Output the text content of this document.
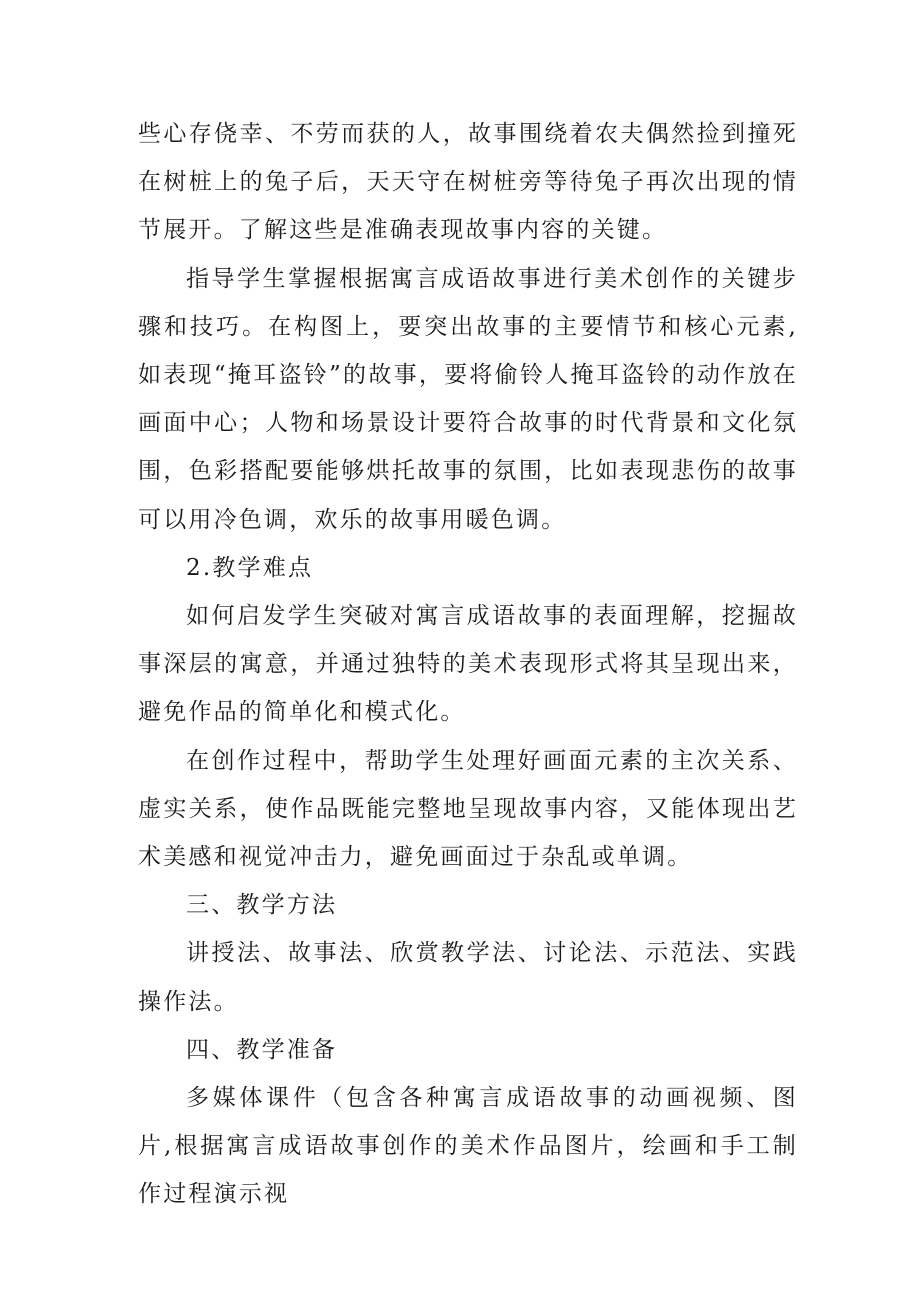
些心存侥幸、不劳而获的人，故事围绕着农夫偶然捡到撞死在树桩上的兔子后，天天守在树桩旁等待兔子再次出现的情节展开。了解这些是准确表现故事内容的关键。

指导学生掌握根据寓言成语故事进行美术创作的关键步骤和技巧。在构图上，要突出故事的主要情节和核心元素,如表现“掩耳盗铃”的故事，要将偷铃人掩耳盗铃的动作放在画面中心；人物和场景设计要符合故事的时代背景和文化氛围，色彩搭配要能够烘托故事的氛围，比如表现悲伤的故事可以用冷色调，欢乐的故事用暖色调。

2.教学难点

如何启发学生突破对寓言成语故事的表面理解，挖掘故事深层的寓意，并通过独特的美术表现形式将其呈现出来，避免作品的简单化和模式化。

在创作过程中，帮助学生处理好画面元素的主次关系、虚实关系，使作品既能完整地呈现故事内容，又能体现出艺术美感和视觉冲击力，避免画面过于杂乱或单调。

三、教学方法

讲授法、故事法、欣赏教学法、讨论法、示范法、实践操作法。

四、教学准备

多媒体课件（包含各种寓言成语故事的动画视频、图片,根据寓言成语故事创作的美术作品图片，绘画和手工制作过程演示视
